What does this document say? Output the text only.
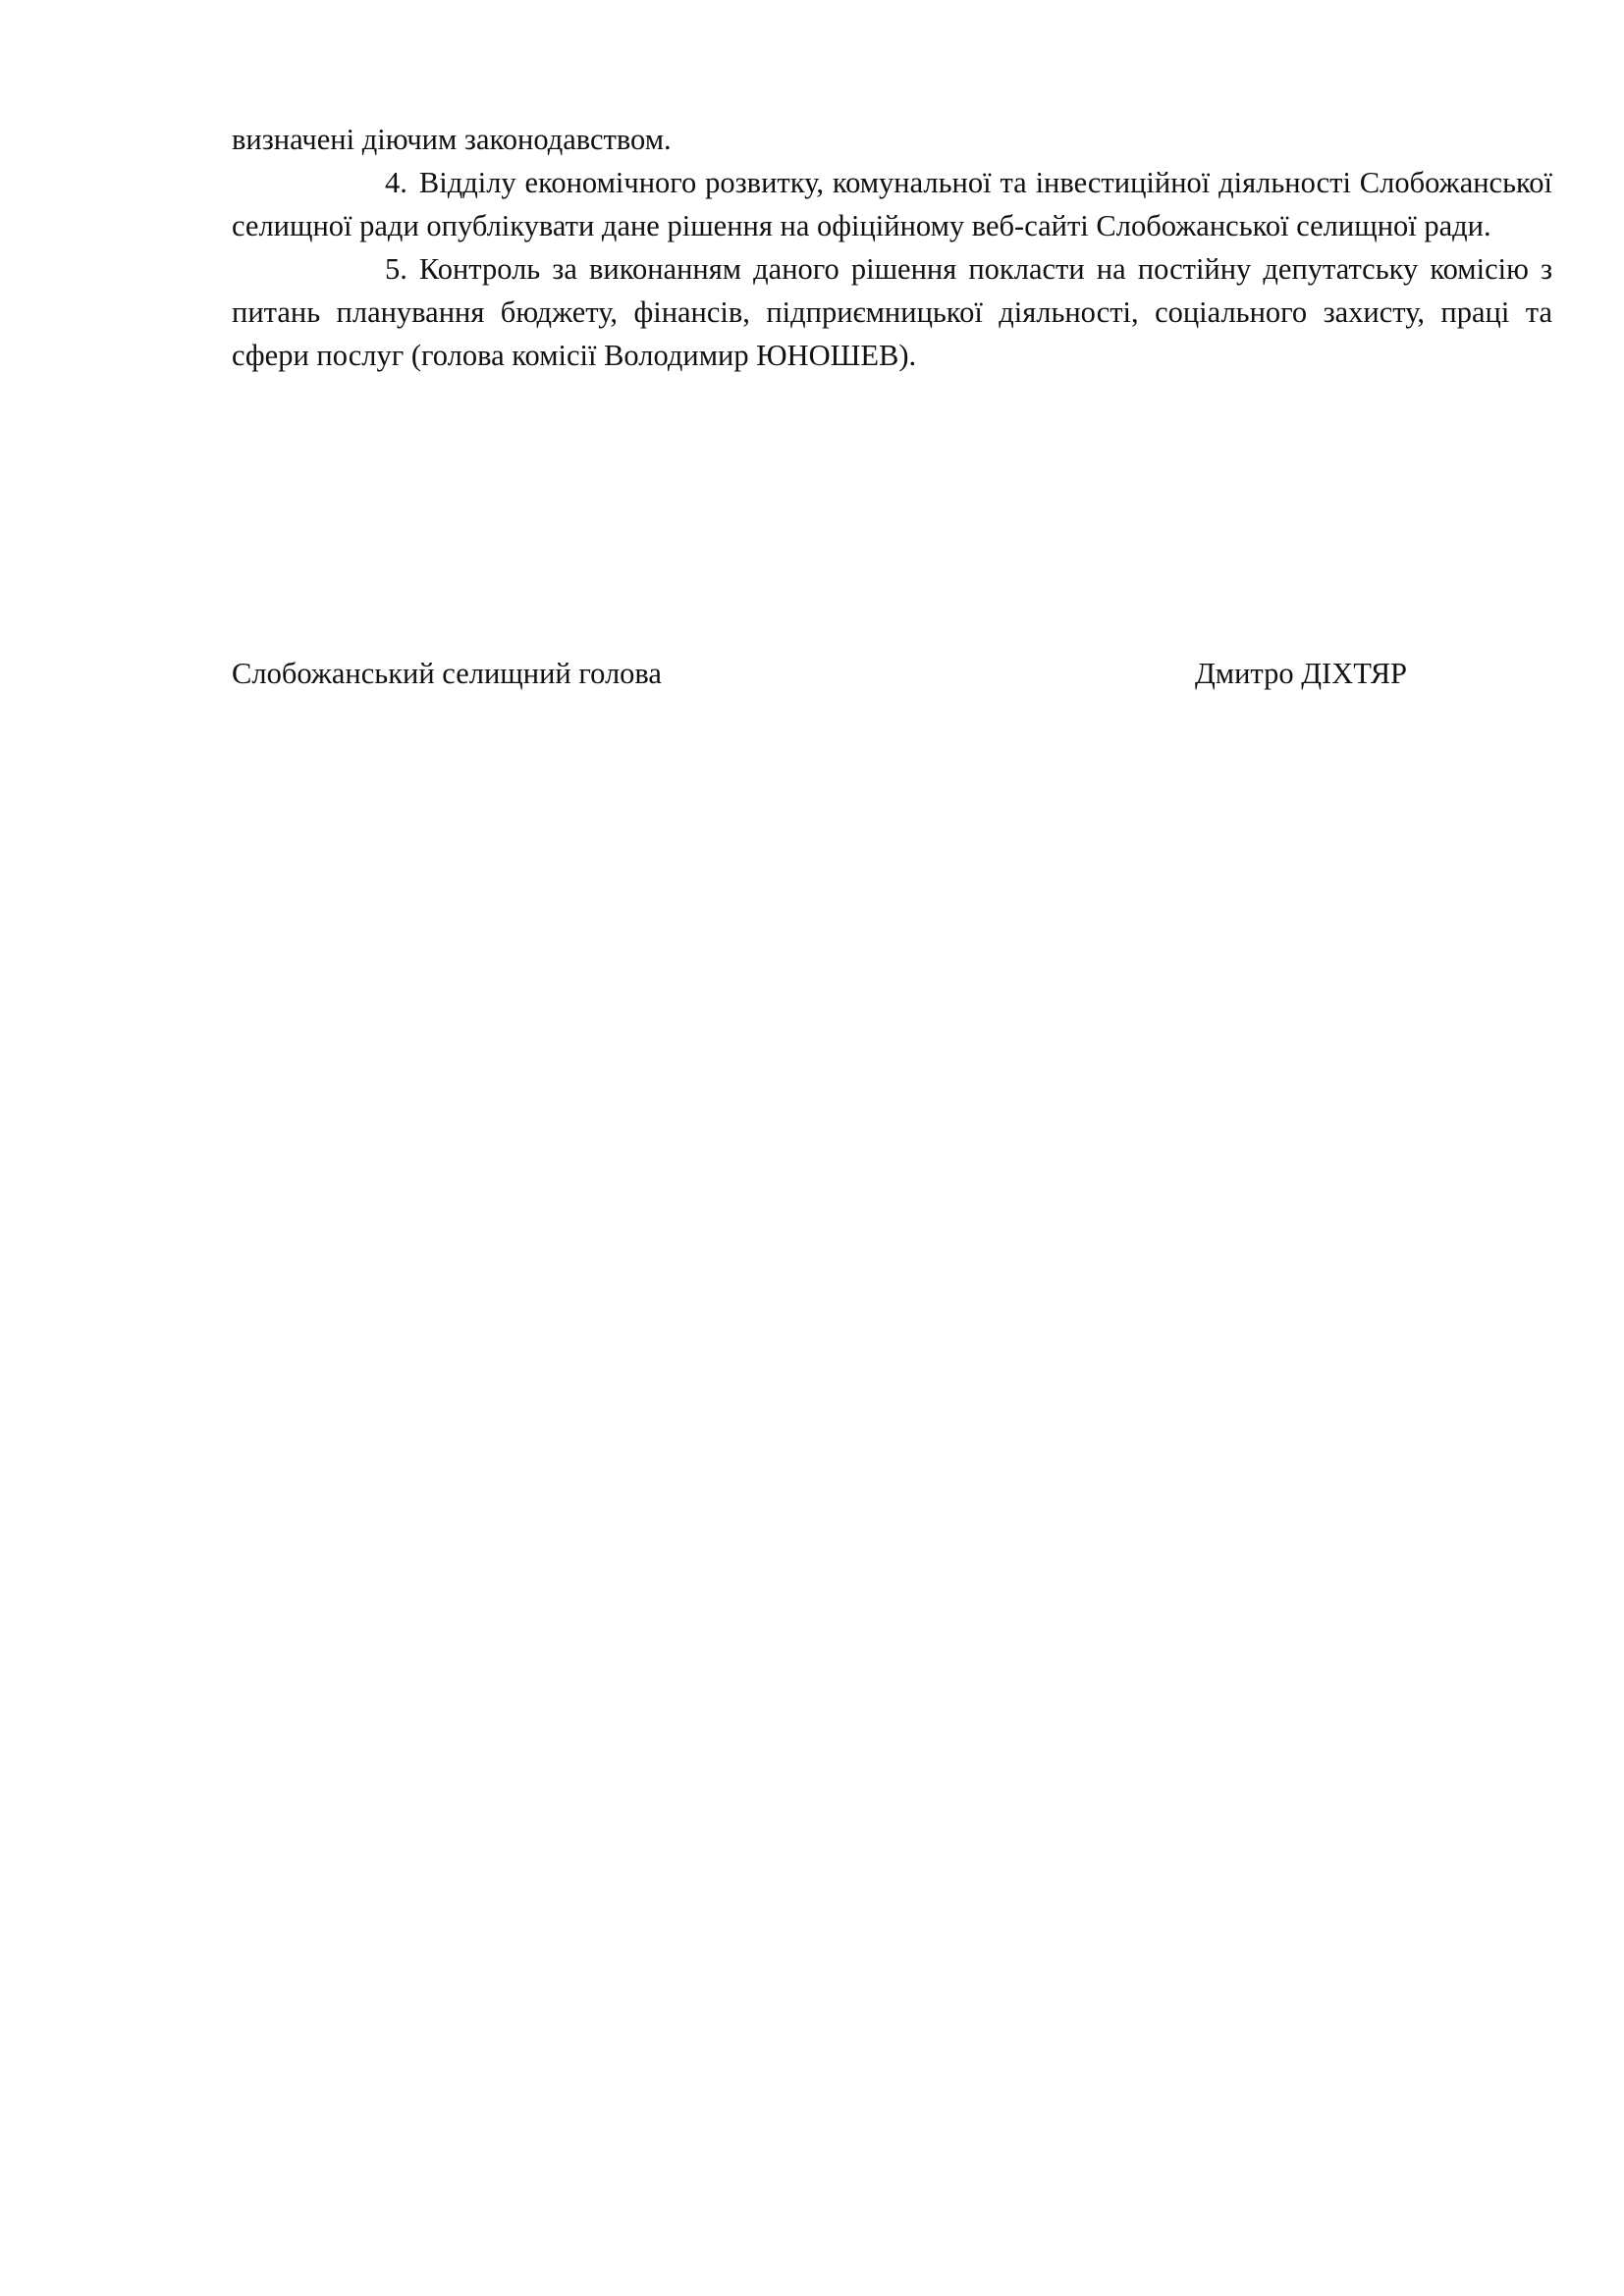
визначені діючим законодавством.

4. Відділу економічного розвитку, комунальної та інвестиційної діяльності Слобожанської селищної ради опублікувати дане рішення на офіційному веб-сайті Слобожанської селищної ради.

5. Контроль за виконанням даного рішення покласти на постійну депутатську комісію з питань планування бюджету, фінансів, підприємницької діяльності, соціального захисту, праці та сфери послуг (голова комісії Володимир ЮНОШЕВ).

Слобожанський селищний голова	Дмитро ДІХТЯР
